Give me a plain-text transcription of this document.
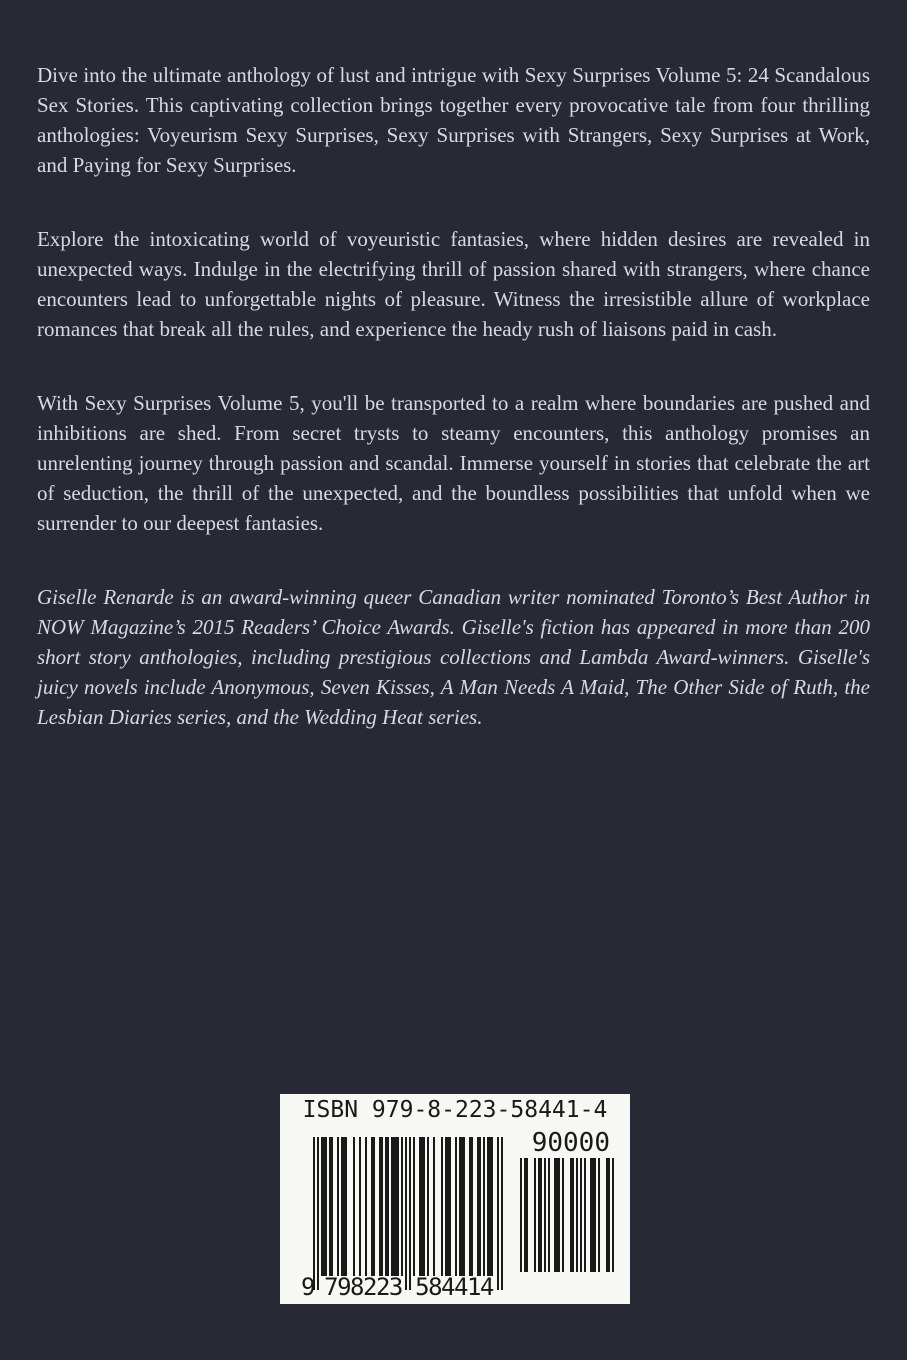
Dive into the ultimate anthology of lust and intrigue with Sexy Surprises Volume 5: 24 Scandalous Sex Stories. This captivating collection brings together every provocative tale from four thrilling anthologies: Voyeurism Sexy Surprises, Sexy Surprises with Strangers, Sexy Surprises at Work, and Paying for Sexy Surprises.

Explore the intoxicating world of voyeuristic fantasies, where hidden desires are revealed in unexpected ways. Indulge in the electrifying thrill of passion shared with strangers, where chance encounters lead to unforgettable nights of pleasure. Witness the irresistible allure of workplace romances that break all the rules, and experience the heady rush of liaisons paid in cash.

With Sexy Surprises Volume 5, you'll be transported to a realm where boundaries are pushed and inhibitions are shed. From secret trysts to steamy encounters, this anthology promises an unrelenting journey through passion and scandal. Immerse yourself in stories that celebrate the art of seduction, the thrill of the unexpected, and the boundless possibilities that unfold when we surrender to our deepest fantasies.

Giselle Renarde is an award-winning queer Canadian writer nominated Toronto’s Best Author in NOW Magazine’s 2015 Readers’ Choice Awards. Giselle's fiction has appeared in more than 200 short story anthologies, including prestigious collections and Lambda Award-winners. Giselle's juicy novels include Anonymous, Seven Kisses, A Man Needs A Maid, The Other Side of Ruth, the Lesbian Diaries series, and the Wedding Heat series.

ISBN 979-8-223-58441-4
90000
9 798223 584414
